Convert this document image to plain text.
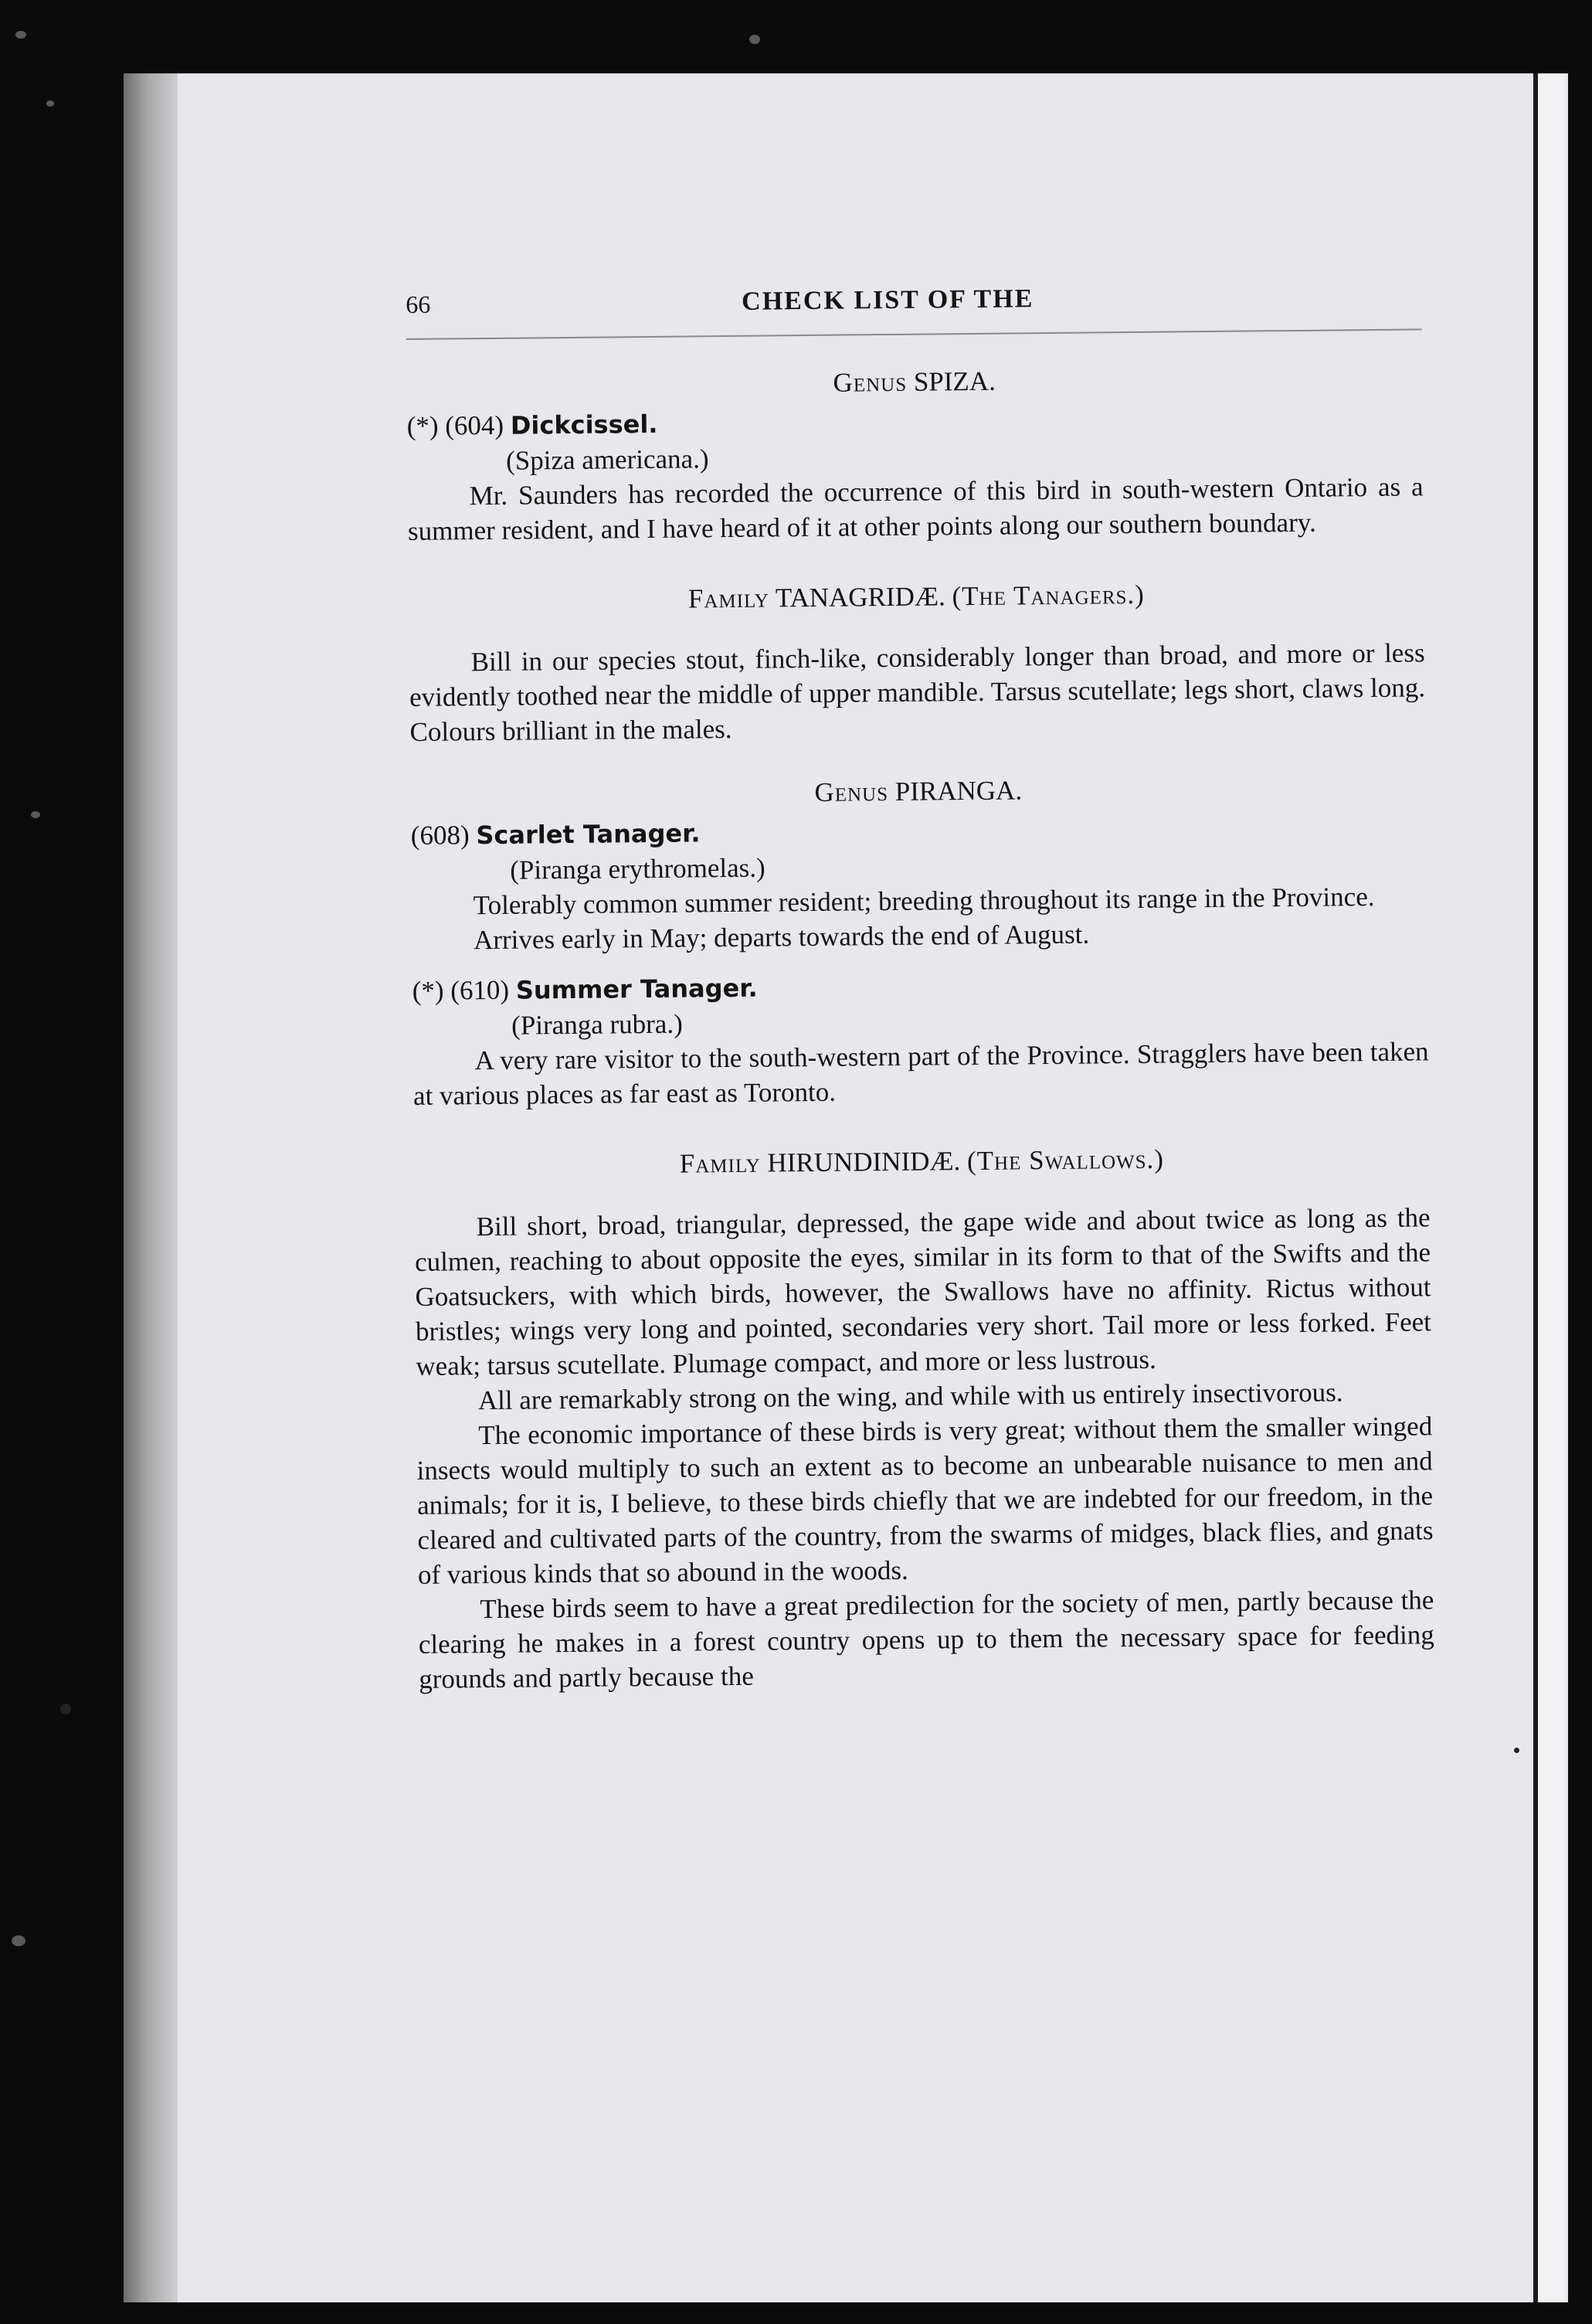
66	CHECK LIST OF THE
Genus SPIZA.
(*) (604) Dickcissel.
(Spiza americana.)

Mr. Saunders has recorded the occurrence of this bird in south-western Ontario as a summer resident, and I have heard of it at other points along our southern boundary.

Family TANAGRIDÆ. (The Tanagers.)

Bill in our species stout, finch-like, considerably longer than broad, and more or less evidently toothed near the middle of upper mandible. Tarsus scutellate; legs short, claws long. Colours brilliant in the males.

Genus PIRANGA.
(608) Scarlet Tanager.
(Piranga erythromelas.)

Tolerably common summer resident; breeding throughout its range in the Province.

Arrives early in May; departs towards the end of August.

(*) (610) Summer Tanager.
(Piranga rubra.)

A very rare visitor to the south-western part of the Province. Stragglers have been taken at various places as far east as Toronto.

Family HIRUNDINIDÆ. (The Swallows.)

Bill short, broad, triangular, depressed, the gape wide and about twice as long as the culmen, reaching to about opposite the eyes, similar in its form to that of the Swifts and the Goatsuckers, with which birds, however, the Swallows have no affinity. Rictus without bristles; wings very long and pointed, secondaries very short. Tail more or less forked. Feet weak; tarsus scutellate. Plumage compact, and more or less lustrous.

All are remarkably strong on the wing, and while with us entirely insectivorous.

The economic importance of these birds is very great; without them the smaller winged insects would multiply to such an extent as to become an unbearable nuisance to men and animals; for it is, I believe, to these birds chiefly that we are indebted for our freedom, in the cleared and cultivated parts of the country, from the swarms of midges, black flies, and gnats of various kinds that so abound in the woods.

These birds seem to have a great predilection for the society of men, partly because the clearing he makes in a forest country opens up to them the necessary space for feeding grounds and partly because the
